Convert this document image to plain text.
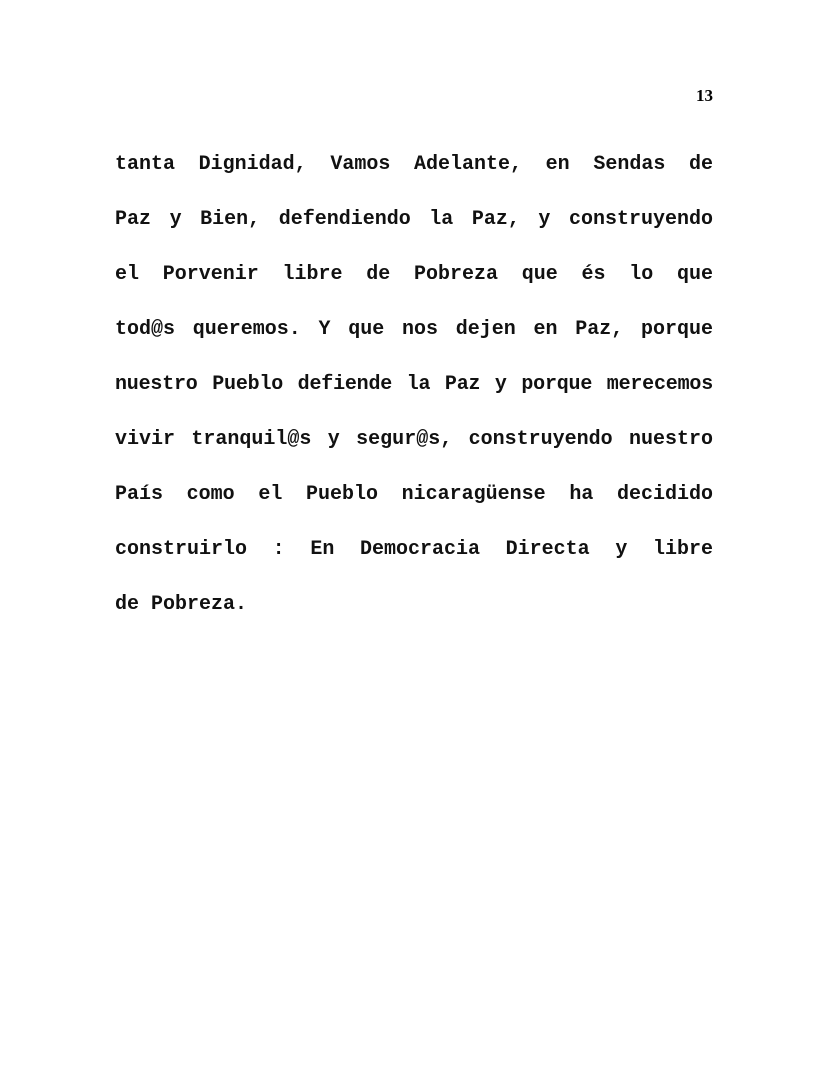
13
tanta Dignidad, Vamos Adelante, en Sendas de
Paz y Bien, defendiendo la Paz, y construyendo
el Porvenir libre de Pobreza que és lo que
tod@s queremos. Y que nos dejen en Paz, porque
nuestro Pueblo defiende la Paz y porque merecemos
vivir tranquil@s y segur@s, construyendo nuestro
País como el Pueblo nicaragüense ha decidido
construirlo : En Democracia Directa y libre
de Pobreza.
